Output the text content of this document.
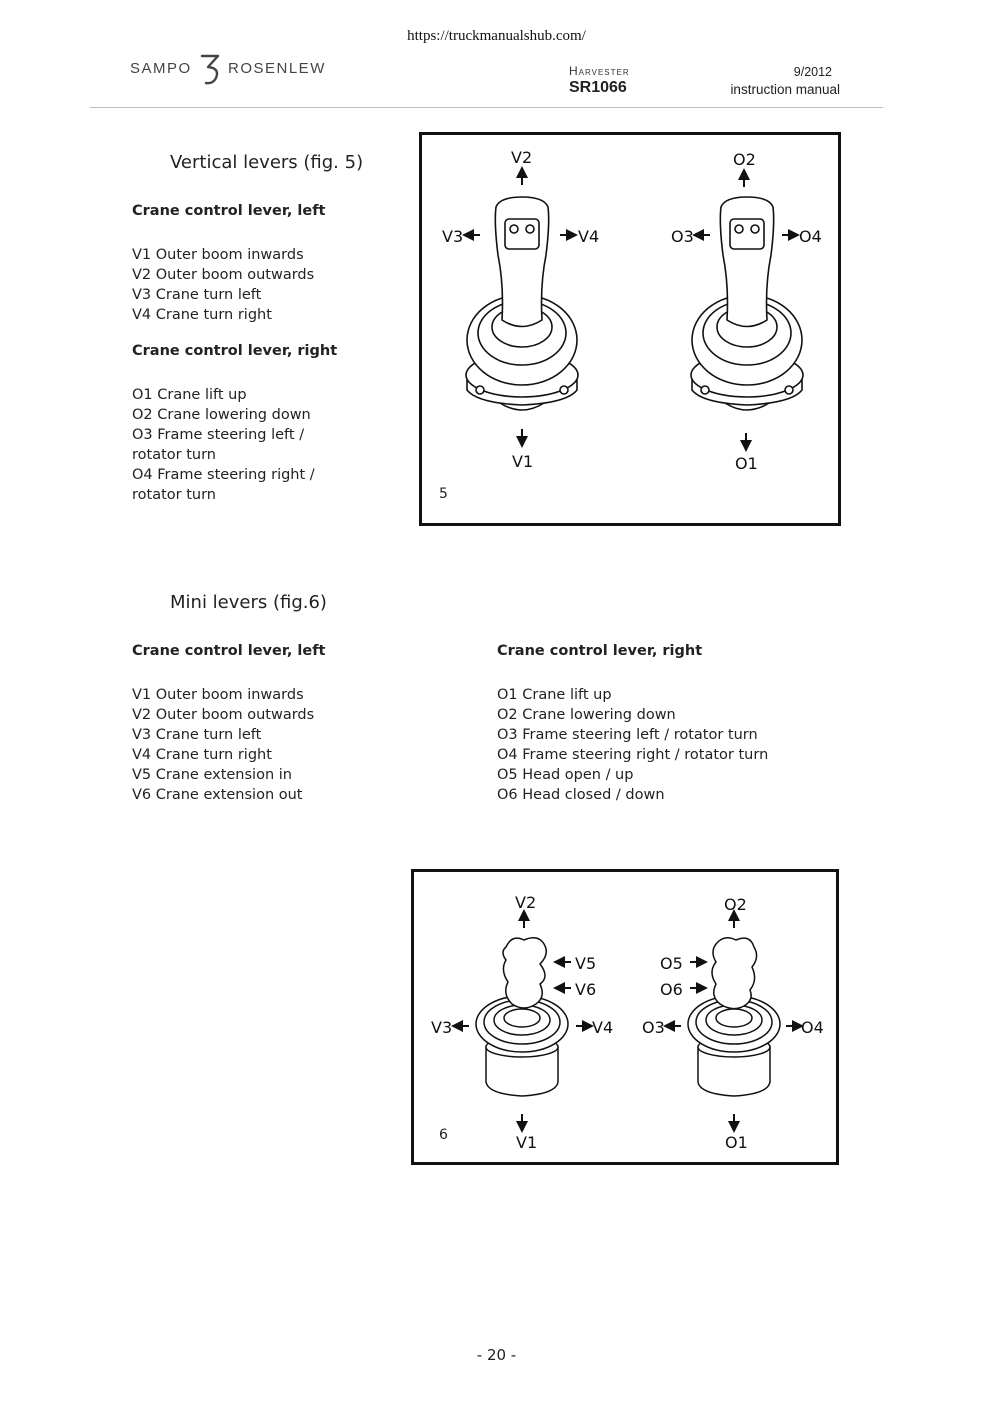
https://truckmanualshub.com/
SAMPO ROSENLEW	Harvester
SR1066
9/2012
instruction manual
Vertical levers (fig. 5)
Crane control lever, left
V1 Outer boom inwards
V2 Outer boom outwards
V3 Crane turn left
V4 Crane turn right
Crane control lever, right
O1 Crane lift up
O2 Crane lowering down
O3 Frame steering left /
rotator turn
O4 Frame steering right /
rotator turn
V2
V3	V4
V1
O2
O3	O4
O1
5
Mini levers (fig.6)
Crane control lever, left
V1 Outer boom inwards
V2 Outer boom outwards
V3 Crane turn left
V4 Crane turn right
V5 Crane extension in
V6 Crane extension out
Crane control lever, right
O1 Crane lift up
O2 Crane lowering down
O3 Frame steering left / rotator turn
O4 Frame steering right / rotator turn
O5 Head open / up
O6 Head closed / down
V2
V5
V6
V3	V4
V1
O2
O5
O6
O3	O4
O1
6
- 20 -
